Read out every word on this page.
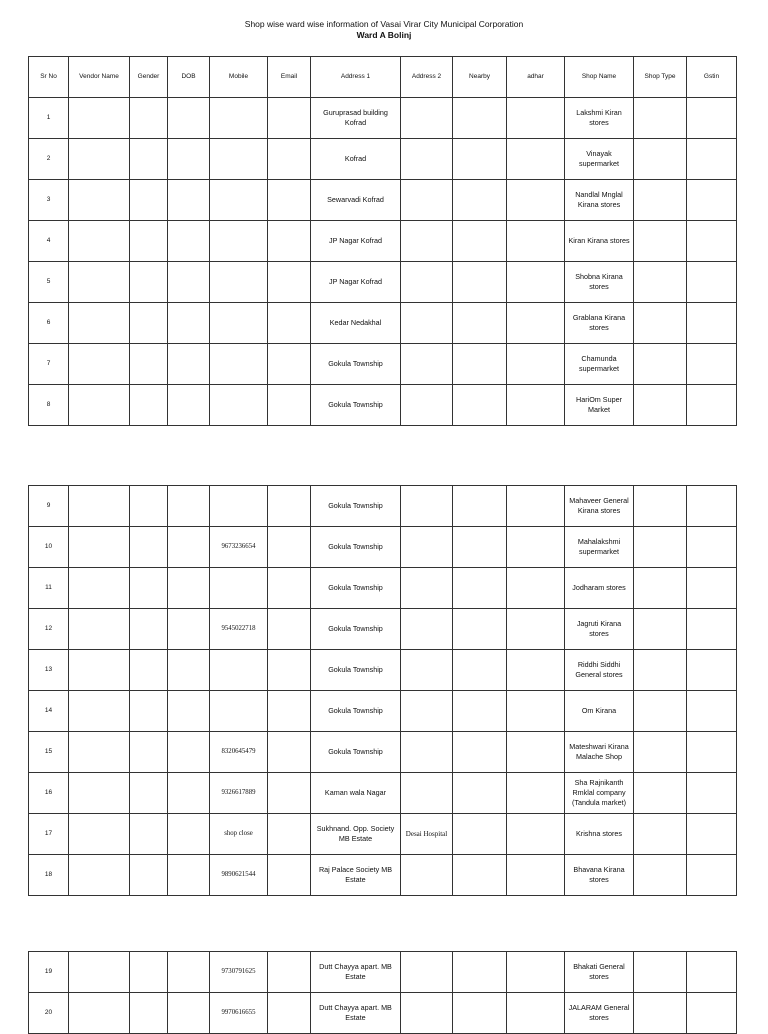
Shop wise ward wise information of Vasai Virar City Municipal Corporation
Ward A Bolinj
Sr No	Vendor Name	Gender	DOB	Mobile	Email	Address 1	Address 2	Nearby	adhar	Shop Name	Shop Type	Gstin
1						Guruprasad building Kofrad				Lakshmi Kiran stores		
2						Kofrad				Vinayak supermarket		
3						Sewarvadi Kofrad				Nandlal Mnglal Kirana stores		
4						JP Nagar Kofrad				Kiran Kirana stores		
5						JP Nagar Kofrad				Shobna Kirana stores		
6						Kedar Nedakhal				Grablana Kirana stores		
7						Gokula Township				Chamunda supermarket		
8						Gokula Township				HariOm Super Market		
9						Gokula Township				Mahaveer General Kirana stores		
10				9673236654		Gokula Township				Mahalakshmi supermarket		
11						Gokula Township				Jodharam stores		
12				9545022718		Gokula Township				Jagruti Kirana stores		
13						Gokula Township				Riddhi Siddhi General stores		
14						Gokula Township				Om Kirana		
15				8320645479		Gokula Township				Mateshwari Kirana Malache Shop		
16				9326617889		Kaman wala Nagar				Sha Rajnikanth Rmklal company (Tandula market)		
17				shop close		Sukhnand. Opp. Society MB Estate	Desai Hospital			Krishna stores		
18				9890621544		Raj Palace Society MB Estate				Bhavana Kirana stores		
19				9730791625		Dutt Chayya apart. MB Estate				Bhakati General stores		
20				9970616655		Dutt Chayya apart. MB Estate				JALARAM General stores		
